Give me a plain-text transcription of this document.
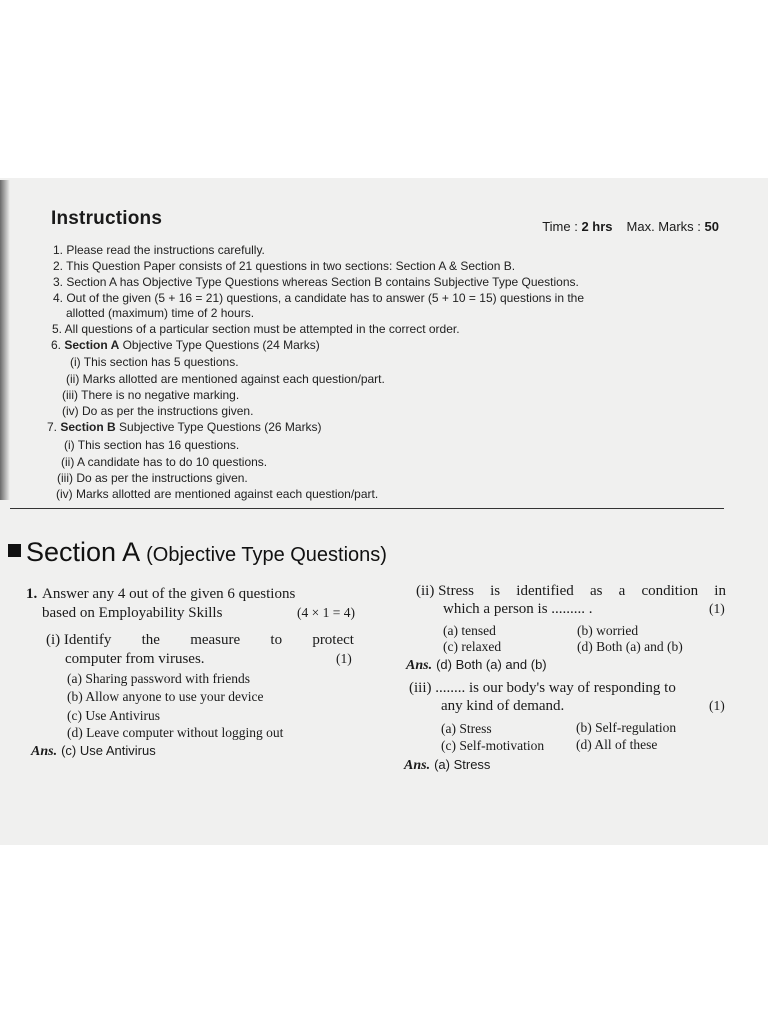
Instructions	Time : 2 hrs Max. Marks : 50
1. Please read the instructions carefully.
2. This Question Paper consists of 21 questions in two sections: Section A & Section B.
3. Section A has Objective Type Questions whereas Section B contains Subjective Type Questions.
4. Out of the given (5 + 16 = 21) questions, a candidate has to answer (5 + 10 = 15) questions in the
allotted (maximum) time of 2 hours.
5. All questions of a particular section must be attempted in the correct order.
6. Section A Objective Type Questions (24 Marks)
(i) This section has 5 questions.
(ii) Marks allotted are mentioned against each question/part.
(iii) There is no negative marking.
(iv) Do as per the instructions given.
7. Section B Subjective Type Questions (26 Marks)
(i) This section has 16 questions.
(ii) A candidate has to do 10 questions.
(iii) Do as per the instructions given.
(iv) Marks allotted are mentioned against each question/part.
Section A (Objective Type Questions)
1. Answer any 4 out of the given 6 questions
based on Employability Skills	(4 × 1 = 4)
(i) Identify the measure to protect
computer from viruses.	(1)
(a) Sharing password with friends
(b) Allow anyone to use your device
(c) Use Antivirus
(d) Leave computer without logging out
Ans. (c) Use Antivirus
(ii) Stress is identified as a condition in
which a person is ......... .	(1)
(a) tensed	(b) worried
(c) relaxed	(d) Both (a) and (b)
Ans. (d) Both (a) and (b)
(iii) ........ is our body's way of responding to
any kind of demand.	(1)
(a) Stress	(b) Self-regulation
(c) Self-motivation (d) All of these
Ans. (a) Stress
